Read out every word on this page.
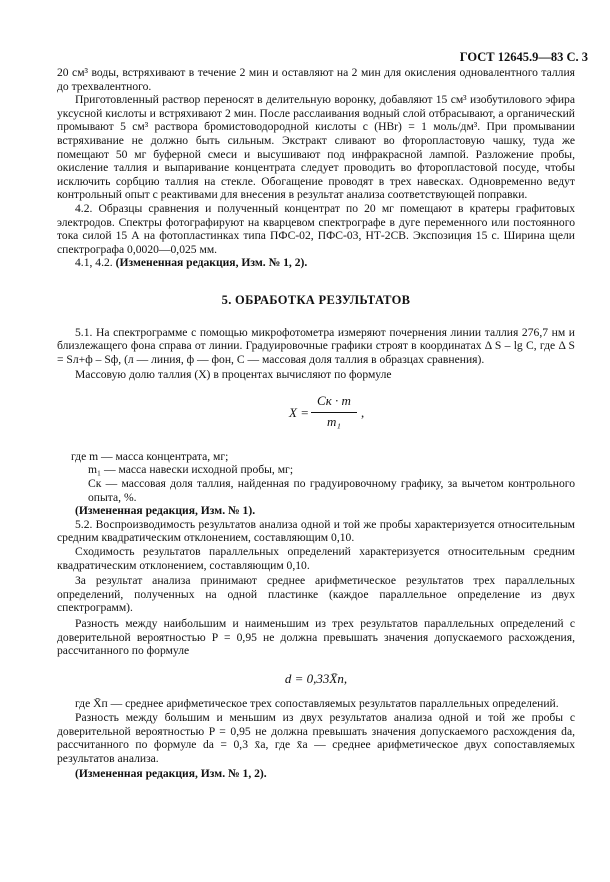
ГОСТ 12645.9—83 С. 3

20 см³ воды, встряхивают в течение 2 мин и оставляют на 2 мин для окисления одновалентного таллия до трехвалентного.

Приготовленный раствор переносят в делительную воронку, добавляют 15 см³ изобутилового эфира уксусной кислоты и встряхивают 2 мин. После расслаивания водный слой отбрасывают, а органический промывают 5 см³ раствора бромистоводородной кислоты c (HBr) = 1 моль/дм³. При промывании встряхивание не должно быть сильным. Экстракт сливают во фторопластовую чашку, туда же помещают 50 мг буферной смеси и высушивают под инфракрасной лампой. Разложение пробы, окисление таллия и выпаривание концентрата следует проводить во фторопластовой посуде, чтобы исключить сорбцию таллия на стекле. Обогащение проводят в трех навесках. Одновременно ведут контрольный опыт с реактивами для внесения в результат анализа соответствующей поправки.

4.2. Образцы сравнения и полученный концентрат по 20 мг помещают в кратеры графитовых электродов. Спектры фотографируют на кварцевом спектрографе в дуге переменного или постоянного тока силой 15 А на фотопластинках типа ПФС-02, ПФС-03, НТ-2СВ. Экспозиция 15 с. Ширина щели спектрографа 0,0020—0,025 мм.

4.1, 4.2. (Измененная редакция, Изм. № 1, 2).

5. ОБРАБОТКА РЕЗУЛЬТАТОВ

5.1. На спектрограмме с помощью микрофотометра измеряют почернения линии таллия 276,7 нм и близлежащего фона справа от линии. Градуировочные графики строят в координатах Δ S – lg C, где Δ S = Sл+ф – Sф, (л — линия, ф — фон, C — массовая доля таллия в образцах сравнения).

Массовую долю таллия (X) в процентах вычисляют по формуле

X =
Cк · m
m₁
,
где m — масса концентрата, мг;
m₁ — масса навески исходной пробы, мг;
Cк — массовая доля таллия, найденная по градуировочному графику, за вычетом контрольного опыта, %.

(Измененная редакция, Изм. № 1).

5.2. Воспроизводимость результатов анализа одной и той же пробы характеризуется относительным средним квадратическим отклонением, составляющим 0,10.

Сходимость результатов параллельных определений характеризуется относительным средним квадратическим отклонением, составляющим 0,10.

За результат анализа принимают среднее арифметическое результатов трех параллельных определений, полученных на одной пластинке (каждое параллельное определение из двух спектрограмм).

Разность между наибольшим и наименьшим из трех результатов параллельных определений с доверительной вероятностью P = 0,95 не должна превышать значения допускаемого расхождения, рассчитанного по формуле

d = 0,33X̄п,

где X̄п — среднее арифметическое трех сопоставляемых результатов параллельных определений.

Разность между большим и меньшим из двух результатов анализа одной и той же пробы с доверительной вероятностью P = 0,95 не должна превышать значения допускаемого расхождения dа, рассчитанного по формуле dа = 0,3 x̄а, где x̄а — среднее арифметическое двух сопоставляемых результатов анализа.

(Измененная редакция, Изм. № 1, 2).
